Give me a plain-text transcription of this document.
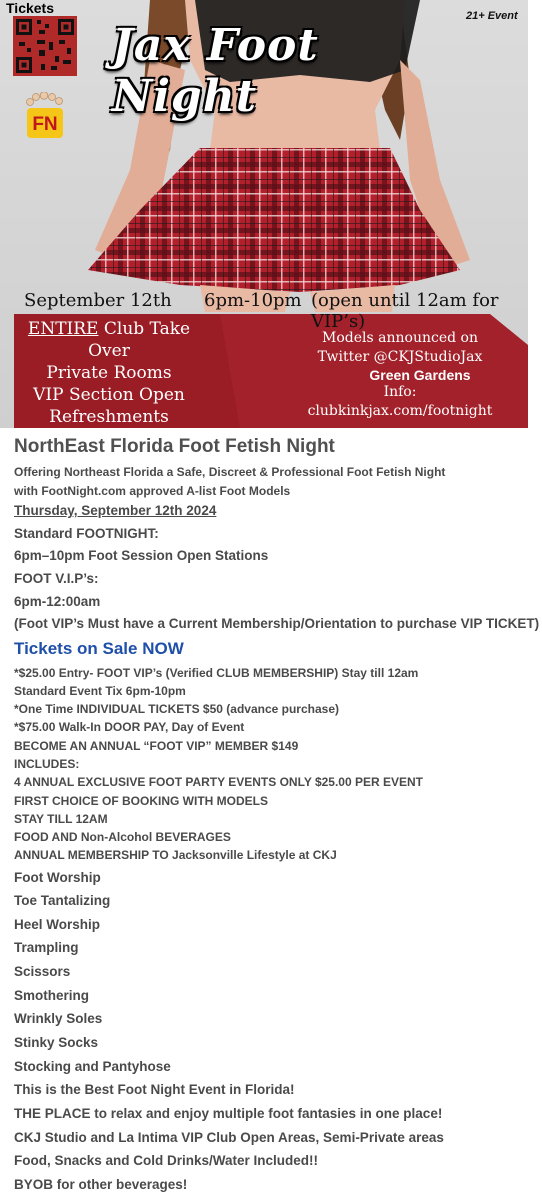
Tickets
FN
Jax Foot Night
21+ Event
September 12th 6pm-10pm (open until 12am for VIP’s)
ENTIRE Club Take Over
Private Rooms
VIP Section Open
Refreshments
Models announced on
Twitter @CKJStudioJax
Green Gardens
Info:
clubkinkjax.com/footnight
NorthEast Florida Foot Fetish Night
Offering Northeast Florida a Safe, Discreet & Professional Foot Fetish Night
with FootNight.com approved A-list Foot Models
Thursday, September 12th 2024
Standard FOOTNIGHT:
6pm–10pm Foot Session Open Stations
FOOT V.I.P’s:
6pm-12:00am
(Foot VIP’s Must have a Current Membership/Orientation to purchase VIP TICKET)
Tickets on Sale NOW
*$25.00 Entry- FOOT VIP’s (Verified CLUB MEMBERSHIP) Stay till 12am
Standard Event Tix 6pm-10pm
*One Time INDIVIDUAL TICKETS $50 (advance purchase)
*$75.00 Walk-In DOOR PAY, Day of Event
BECOME AN ANNUAL “FOOT VIP” MEMBER $149
INCLUDES:
4 ANNUAL EXCLUSIVE FOOT PARTY EVENTS ONLY $25.00 PER EVENT
FIRST CHOICE OF BOOKING WITH MODELS
STAY TILL 12AM
FOOD AND Non-Alcohol BEVERAGES
ANNUAL MEMBERSHIP TO Jacksonville Lifestyle at CKJ
Foot Worship
Toe Tantalizing
Heel Worship
Trampling
Scissors
Smothering
Wrinkly Soles
Stinky Socks
Stocking and Pantyhose
This is the Best Foot Night Event in Florida!
THE PLACE to relax and enjoy multiple foot fantasies in one place!
CKJ Studio and La Intima VIP Club Open Areas, Semi-Private areas
Food, Snacks and Cold Drinks/Water Included!!
BYOB for other beverages!
